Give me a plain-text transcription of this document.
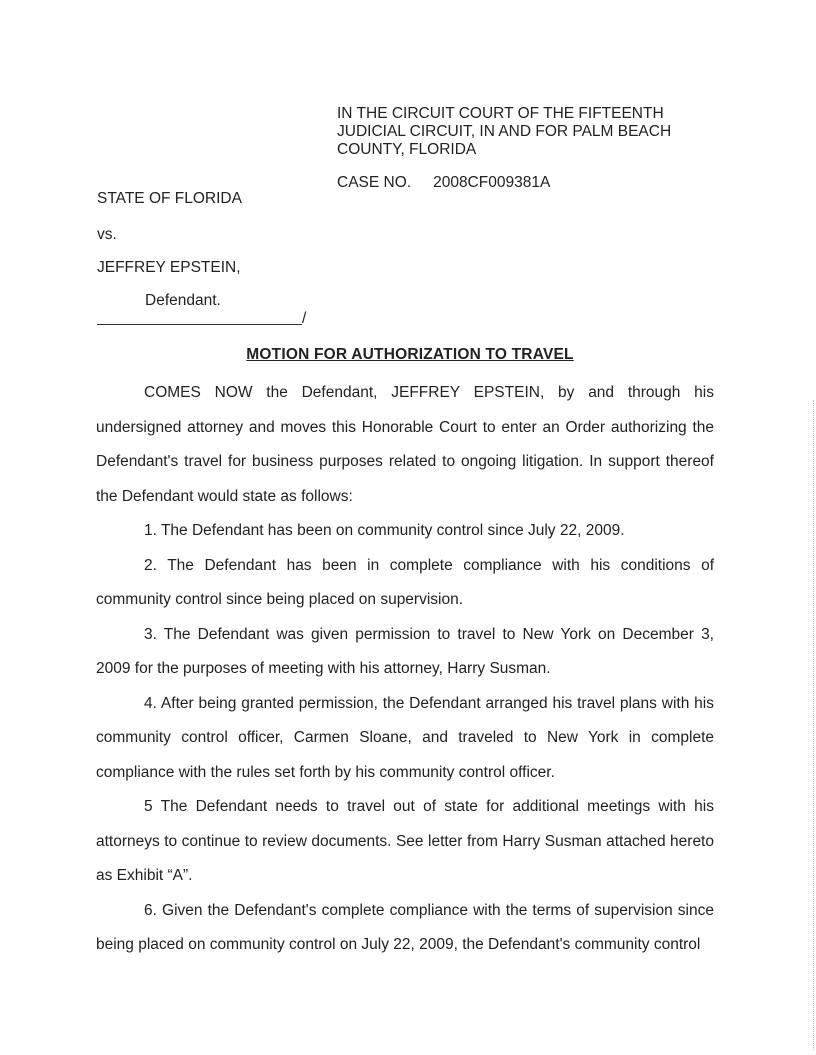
IN THE CIRCUIT COURT OF THE FIFTEENTH
JUDICIAL CIRCUIT, IN AND FOR PALM BEACH
COUNTY, FLORIDA
CASE NO. 2008CF009381A
STATE OF FLORIDA
vs.
JEFFREY EPSTEIN,
Defendant.
/
MOTION FOR AUTHORIZATION TO TRAVEL

COMES NOW the Defendant, JEFFREY EPSTEIN, by and through his undersigned attorney and moves this Honorable Court to enter an Order authorizing the Defendant's travel for business purposes related to ongoing litigation. In support thereof the Defendant would state as follows:

1. The Defendant has been on community control since July 22, 2009.

2. The Defendant has been in complete compliance with his conditions of community control since being placed on supervision.

3. The Defendant was given permission to travel to New York on December 3, 2009 for the purposes of meeting with his attorney, Harry Susman.

4. After being granted permission, the Defendant arranged his travel plans with his community control officer, Carmen Sloane, and traveled to New York in complete compliance with the rules set forth by his community control officer.

5 The Defendant needs to travel out of state for additional meetings with his attorneys to continue to review documents. See letter from Harry Susman attached hereto as Exhibit “A”.

6. Given the Defendant's complete compliance with the terms of supervision since being placed on community control on July 22, 2009, the Defendant's community control
